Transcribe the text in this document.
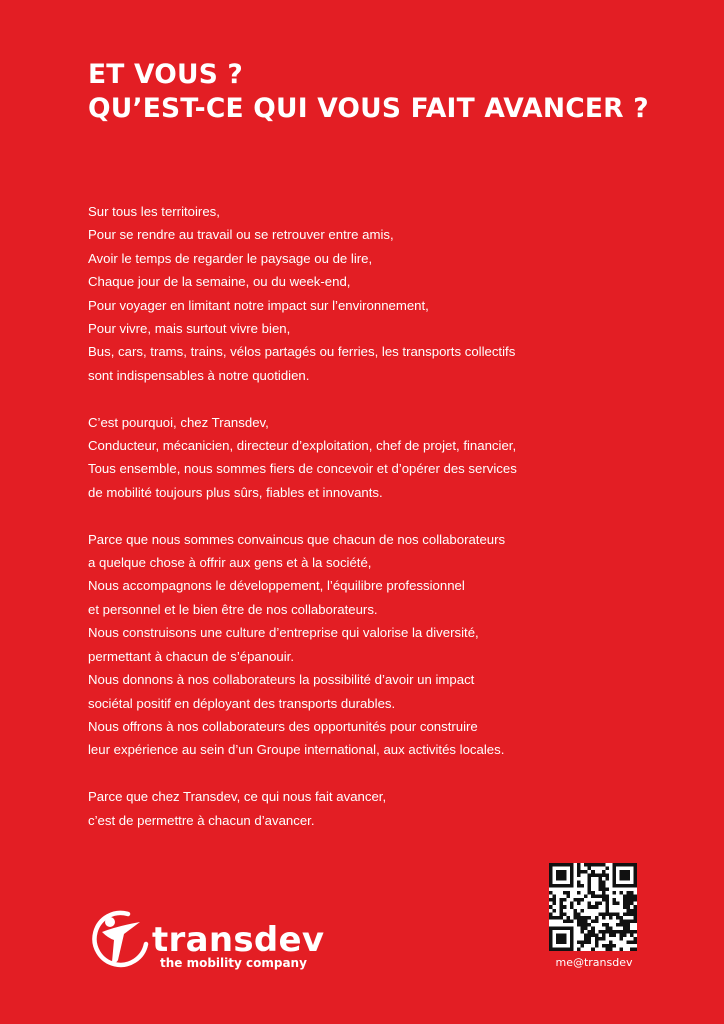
ET VOUS ?
QU’EST-CE QUI VOUS FAIT AVANCER ?

Sur tous les territoires,
Pour se rendre au travail ou se retrouver entre amis,
Avoir le temps de regarder le paysage ou de lire,
Chaque jour de la semaine, ou du week-end,
Pour voyager en limitant notre impact sur l’environnement,
Pour vivre, mais surtout vivre bien,
Bus, cars, trams, trains, vélos partagés ou ferries, les transports collectifs
sont indispensables à notre quotidien.

C’est pourquoi, chez Transdev,
Conducteur, mécanicien, directeur d’exploitation, chef de projet, financier,
Tous ensemble, nous sommes fiers de concevoir et d’opérer des services
de mobilité toujours plus sûrs, fiables et innovants.

Parce que nous sommes convaincus que chacun de nos collaborateurs
a quelque chose à offrir aux gens et à la société,
Nous accompagnons le développement, l’équilibre professionnel
et personnel et le bien être de nos collaborateurs.
Nous construisons une culture d’entreprise qui valorise la diversité,
permettant à chacun de s’épanouir.
Nous donnons à nos collaborateurs la possibilité d’avoir un impact
sociétal positif en déployant des transports durables.
Nous offrons à nos collaborateurs des opportunités pour construire
leur expérience au sein d’un Groupe international, aux activités locales.

Parce que chez Transdev, ce qui nous fait avancer,
c’est de permettre à chacun d’avancer.

transdev
the mobility company	me@transdev
